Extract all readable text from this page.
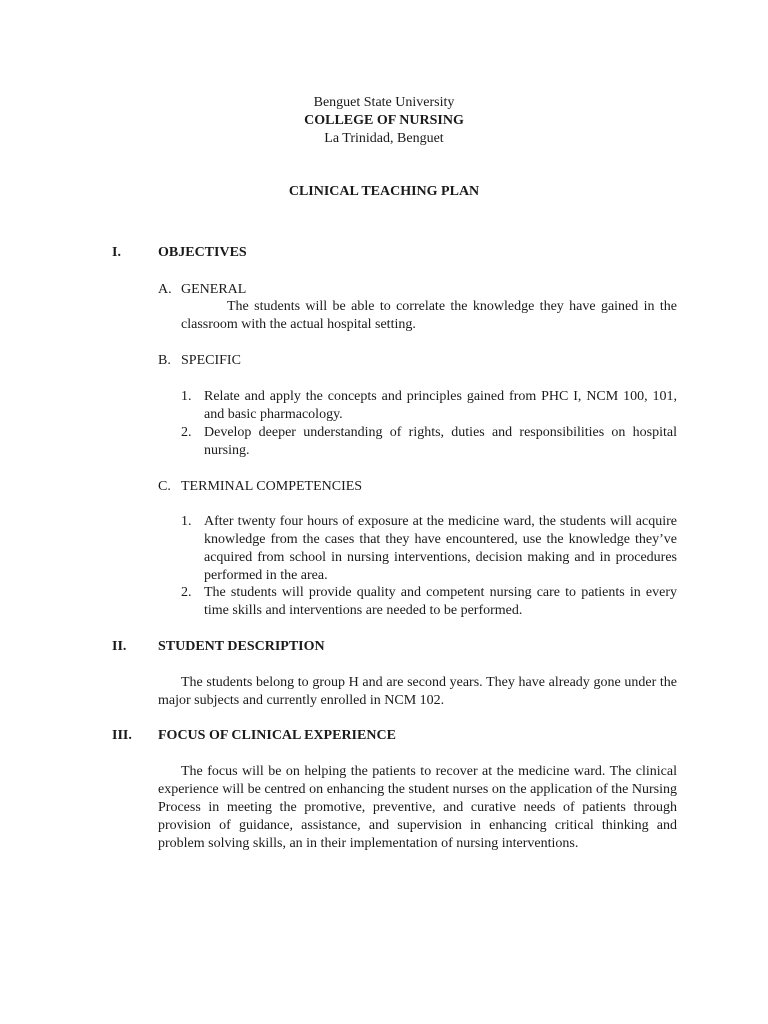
Benguet State University
COLLEGE OF NURSING
La Trinidad, Benguet
CLINICAL TEACHING PLAN
I.	OBJECTIVES
A. GENERAL
The students will be able to correlate the knowledge they have gained in the classroom with the actual hospital setting.
B. SPECIFIC
1. Relate and apply the concepts and principles gained from PHC I, NCM 100, 101, and basic pharmacology.
2. Develop deeper understanding of rights, duties and responsibilities on hospital nursing.
C. TERMINAL COMPETENCIES
1. After twenty four hours of exposure at the medicine ward, the students will acquire knowledge from the cases that they have encountered, use the knowledge they’ve acquired from school in nursing interventions, decision making and in procedures performed in the area.
2. The students will provide quality and competent nursing care to patients in every time skills and interventions are needed to be performed.
II. STUDENT DESCRIPTION
The students belong to group H and are second years. They have already gone under the major subjects and currently enrolled in NCM 102.
III. FOCUS OF CLINICAL EXPERIENCE
The focus will be on helping the patients to recover at the medicine ward. The clinical experience will be centred on enhancing the student nurses on the application of the Nursing Process in meeting the promotive, preventive, and curative needs of patients through provision of guidance, assistance, and supervision in enhancing critical thinking and problem solving skills, an in their implementation of nursing interventions.
